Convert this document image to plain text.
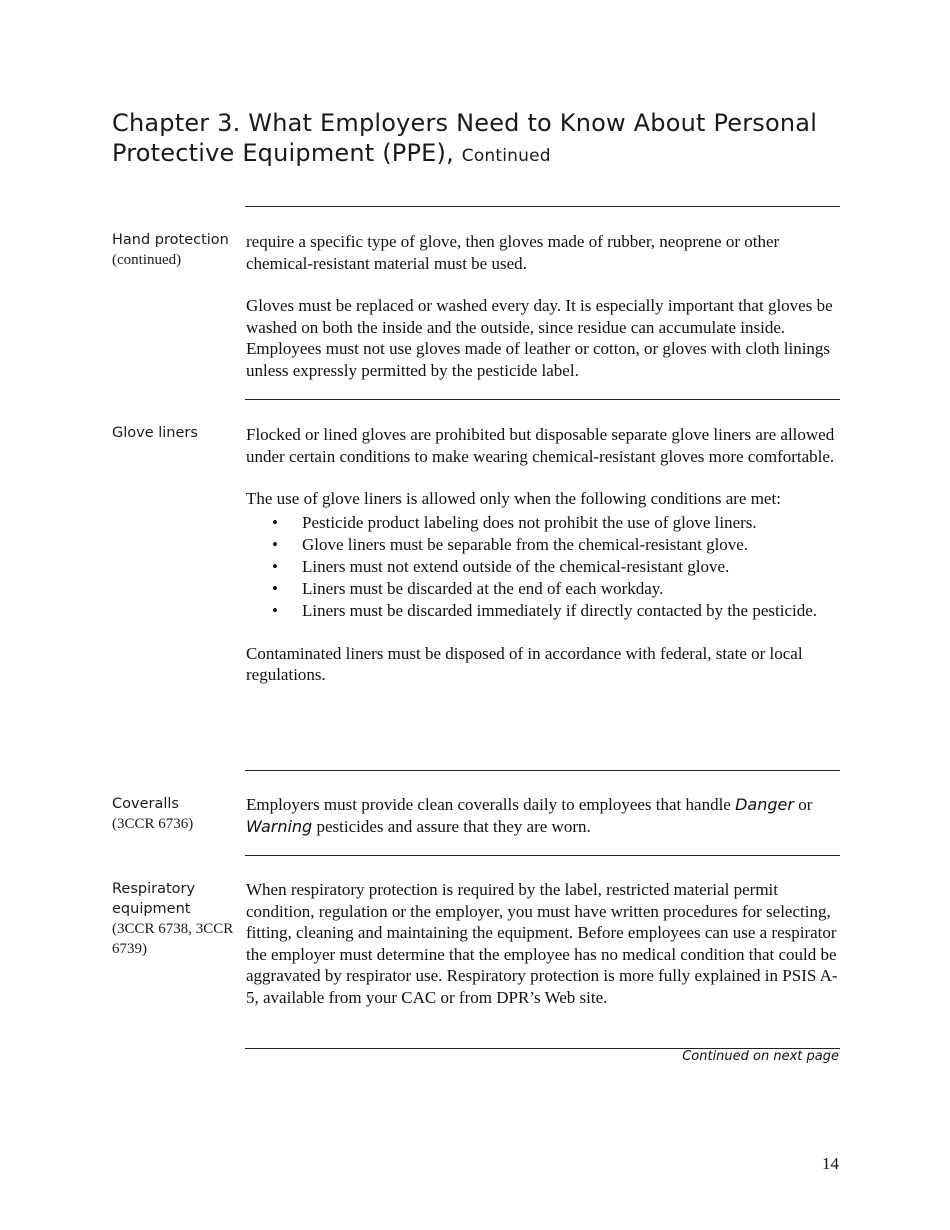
Chapter 3. What Employers Need to Know About Personal Protective Equipment (PPE), Continued
Hand protection
(continued)

require a specific type of glove, then gloves made of rubber, neoprene or other chemical-resistant material must be used.

Gloves must be replaced or washed every day. It is especially important that gloves be washed on both the inside and the outside, since residue can accumulate inside. Employees must not use gloves made of leather or cotton, or gloves with cloth linings unless expressly permitted by the pesticide label.

Glove liners	Flocked or lined gloves are prohibited but disposable separate glove liners are allowed under certain conditions to make wearing chemical-resistant gloves more comfortable.

The use of glove liners is allowed only when the following conditions are met:

• Pesticide product labeling does not prohibit the use of glove liners.
• Glove liners must be separable from the chemical-resistant glove.
• Liners must not extend outside of the chemical-resistant glove.
• Liners must be discarded at the end of each workday.
• Liners must be discarded immediately if directly contacted by the pesticide.

Contaminated liners must be disposed of in accordance with federal, state or local regulations.

Coveralls
(3CCR 6736)

Employers must provide clean coveralls daily to employees that handle Danger or Warning pesticides and assure that they are worn.

Respiratory equipment
(3CCR 6738, 3CCR 6739)

When respiratory protection is required by the label, restricted material permit condition, regulation or the employer, you must have written procedures for selecting, fitting, cleaning and maintaining the equipment. Before employees can use a respirator the employer must determine that the employee has no medical condition that could be aggravated by respirator use. Respiratory protection is more fully explained in PSIS A-5, available from your CAC or from DPR’s Web site.

Continued on next page
14
